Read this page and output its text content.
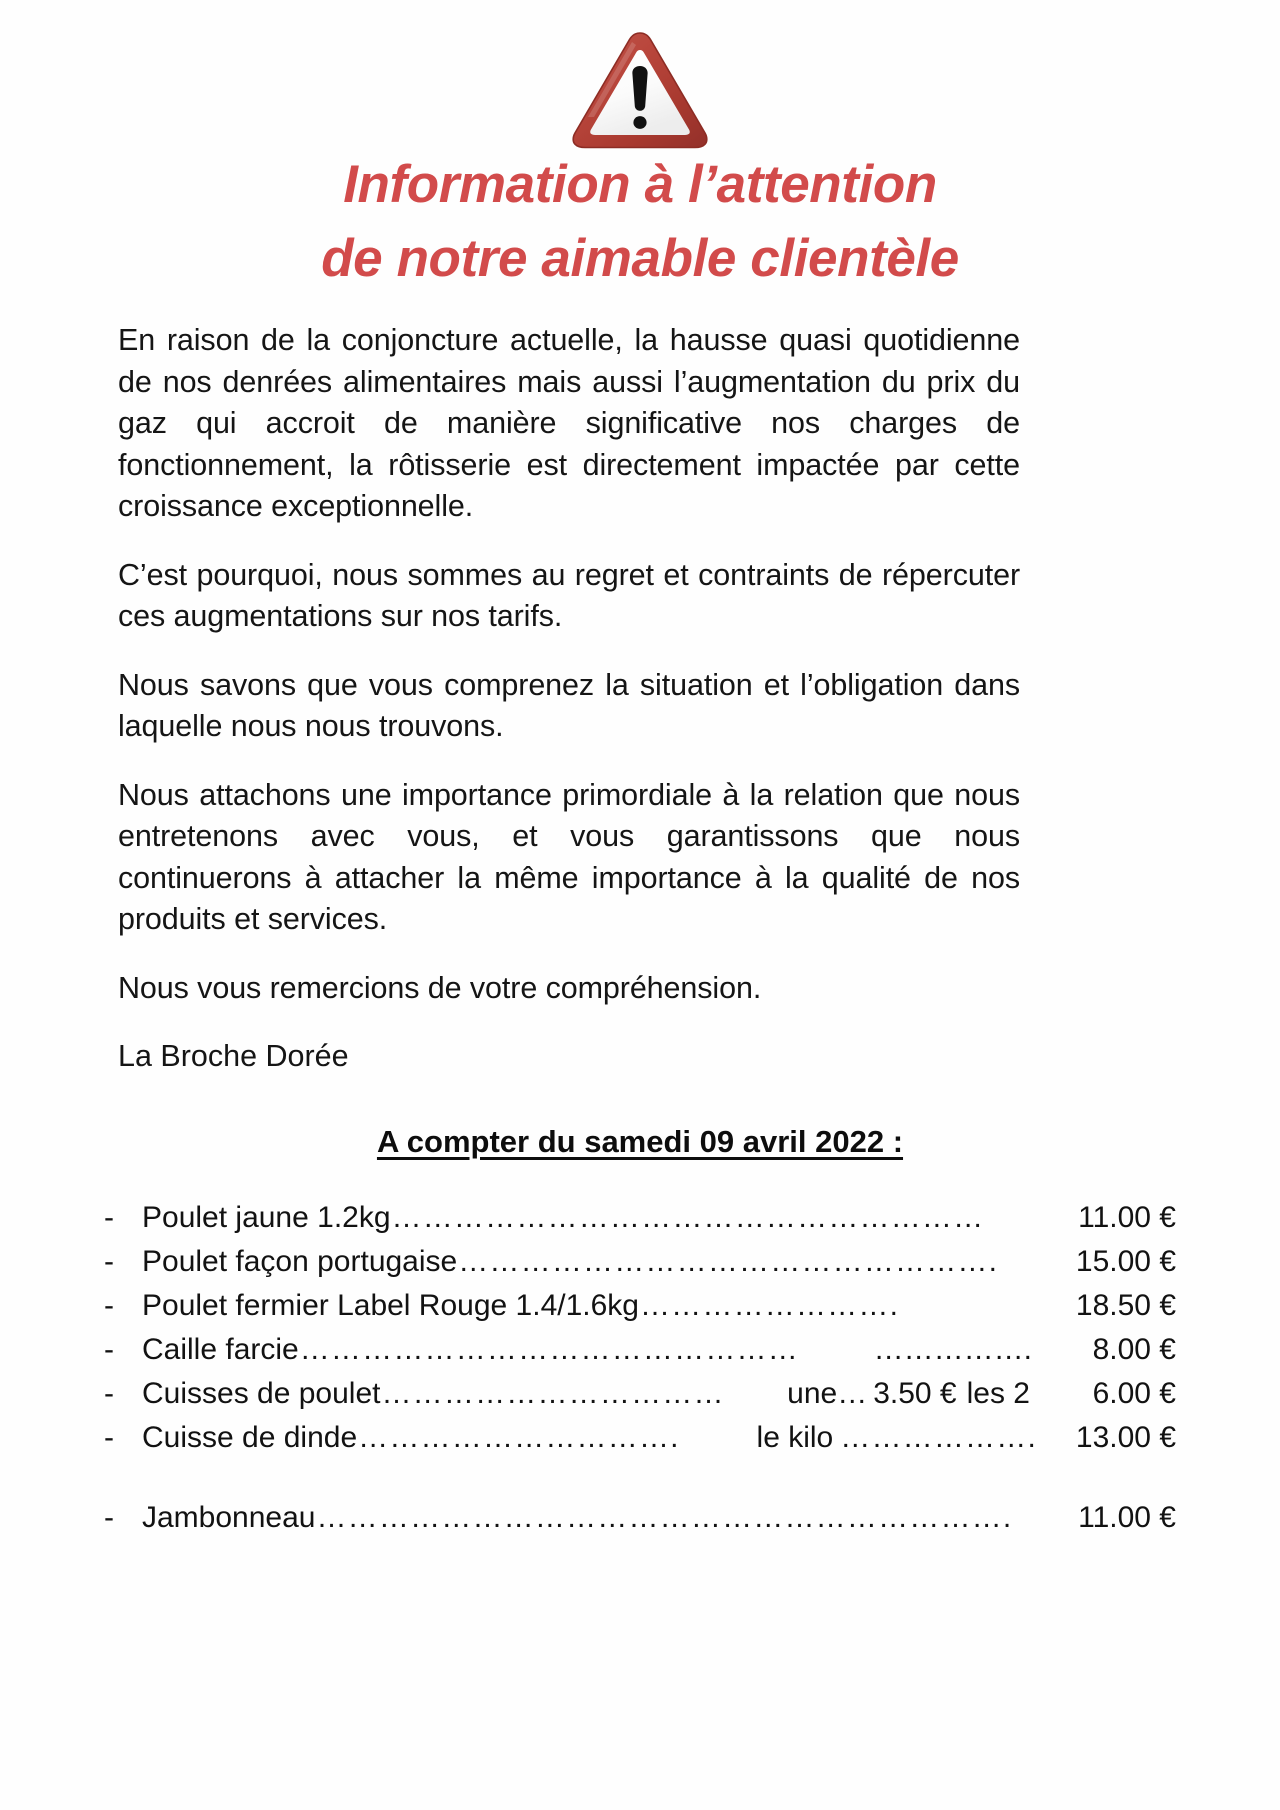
Information à l’attention
de notre aimable clientèle

En raison de la conjoncture actuelle, la hausse quasi quotidienne de nos denrées alimentaires mais aussi l’augmentation du prix du gaz qui accroit de manière significative nos charges de fonctionnement, la rôtisserie est directement impactée par cette croissance exceptionnelle.

C’est pourquoi, nous sommes au regret et contraints de répercuter ces augmentations sur nos tarifs.

Nous savons que vous comprenez la situation et l’obligation dans laquelle nous nous trouvons.

Nous attachons une importance primordiale à la relation que nous entretenons avec vous, et vous garantissons que nous continuerons à attacher la même importance à la qualité de nos produits et services.

Nous vous remercions de votre compréhension.

La Broche Dorée

A compter du samedi 09 avril 2022 :
- Poulet jaune 1.2kg …………………………………………………	11.00 €
- Poulet façon portugaise …………………………………………….	15.00 €
- Poulet fermier Label Rouge 1.4/1.6kg …………………….	18.50 €
- Caille farcie …………………………………………	…………….	8.00 €
- Cuisses de poulet ……………………………	une… 3.50 € les 2	6.00 €
- Cuisse de dinde ………………………….	le kilo ……………….	13.00 €
- Jambonneau ………………………………………………………….	11.00 €
